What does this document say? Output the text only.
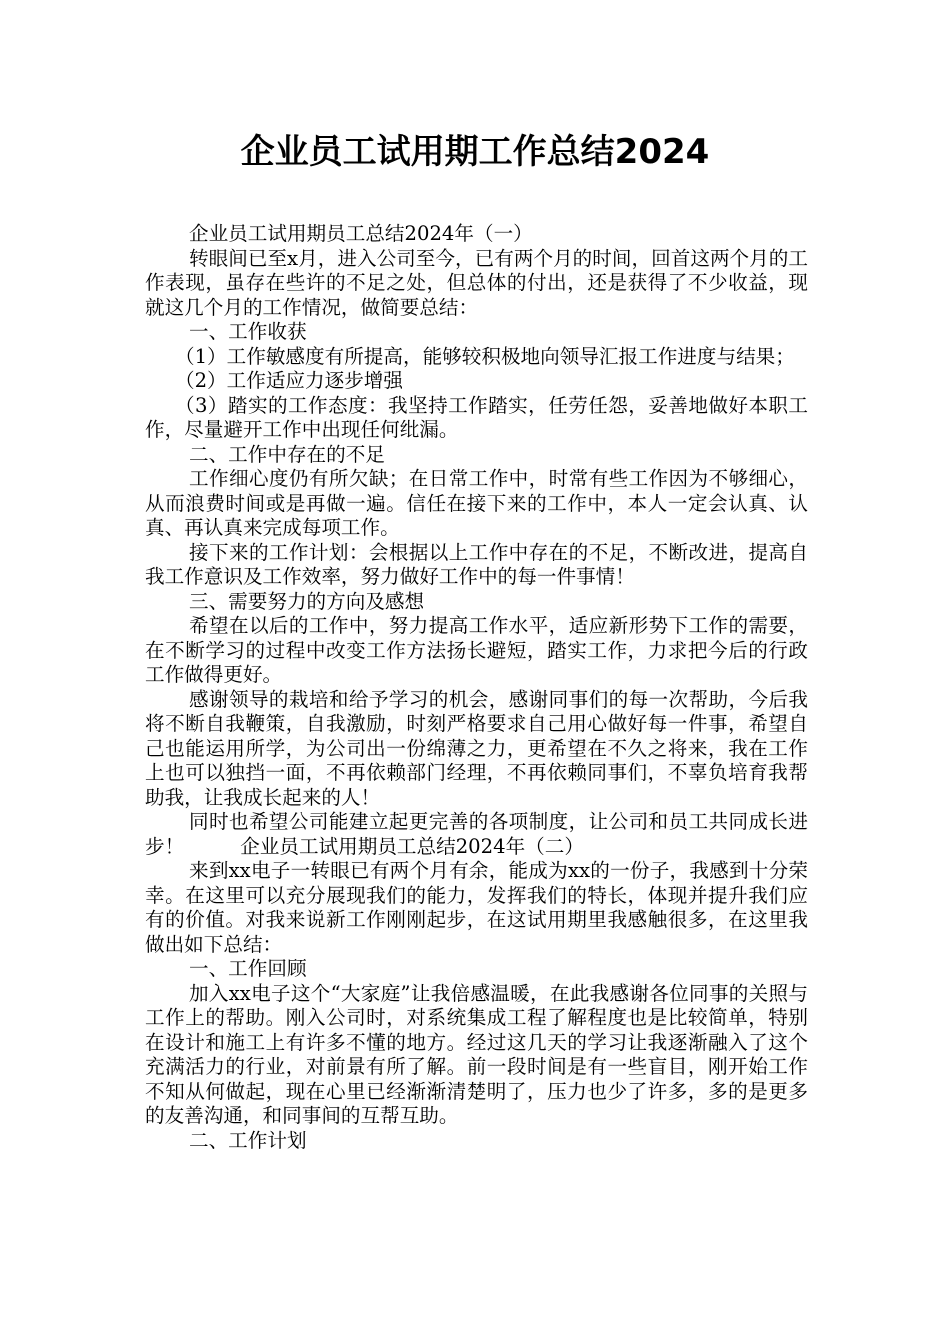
企业员工试用期工作总结2024

企业员工试用期员工总结2024年（一）

转眼间已至x月，进入公司至今，已有两个月的时间，回首这两个月的工作表现，虽存在些许的不足之处，但总体的付出，还是获得了不少收益，现就这几个月的工作情况，做简要总结：

一、工作收获

（1）工作敏感度有所提高，能够较积极地向领导汇报工作进度与结果；

（2）工作适应力逐步增强

（3）踏实的工作态度：我坚持工作踏实，任劳任怨，妥善地做好本职工作，尽量避开工作中出现任何纰漏。

二、工作中存在的不足

工作细心度仍有所欠缺；在日常工作中，时常有些工作因为不够细心，从而浪费时间或是再做一遍。信任在接下来的工作中，本人一定会认真、认真、再认真来完成每项工作。

接下来的工作计划：会根据以上工作中存在的不足，不断改进，提高自我工作意识及工作效率，努力做好工作中的每一件事情！

三、需要努力的方向及感想

希望在以后的工作中，努力提高工作水平，适应新形势下工作的需要，在不断学习的过程中改变工作方法扬长避短，踏实工作，力求把今后的行政工作做得更好。

感谢领导的栽培和给予学习的机会，感谢同事们的每一次帮助，今后我将不断自我鞭策，自我激励，时刻严格要求自己用心做好每一件事，希望自己也能运用所学，为公司出一份绵薄之力，更希望在不久之将来，我在工作上也可以独挡一面，不再依赖部门经理，不再依赖同事们，不辜负培育我帮助我，让我成长起来的人！

同时也希望公司能建立起更完善的各项制度，让公司和员工共同成长进步！	企业员工试用期员工总结2024年（二）

来到xx电子一转眼已有两个月有余，能成为xx的一份子，我感到十分荣幸。在这里可以充分展现我们的能力，发挥我们的特长，体现并提升我们应有的价值。对我来说新工作刚刚起步，在这试用期里我感触很多，在这里我做出如下总结：

一、工作回顾

加入xx电子这个“大家庭”让我倍感温暖，在此我感谢各位同事的关照与工作上的帮助。刚入公司时，对系统集成工程了解程度也是比较简单，特别在设计和施工上有许多不懂的地方。经过这几天的学习让我逐渐融入了这个充满活力的行业，对前景有所了解。前一段时间是有一些盲目，刚开始工作不知从何做起，现在心里已经渐渐清楚明了，压力也少了许多，多的是更多的友善沟通，和同事间的互帮互助。

二、工作计划
